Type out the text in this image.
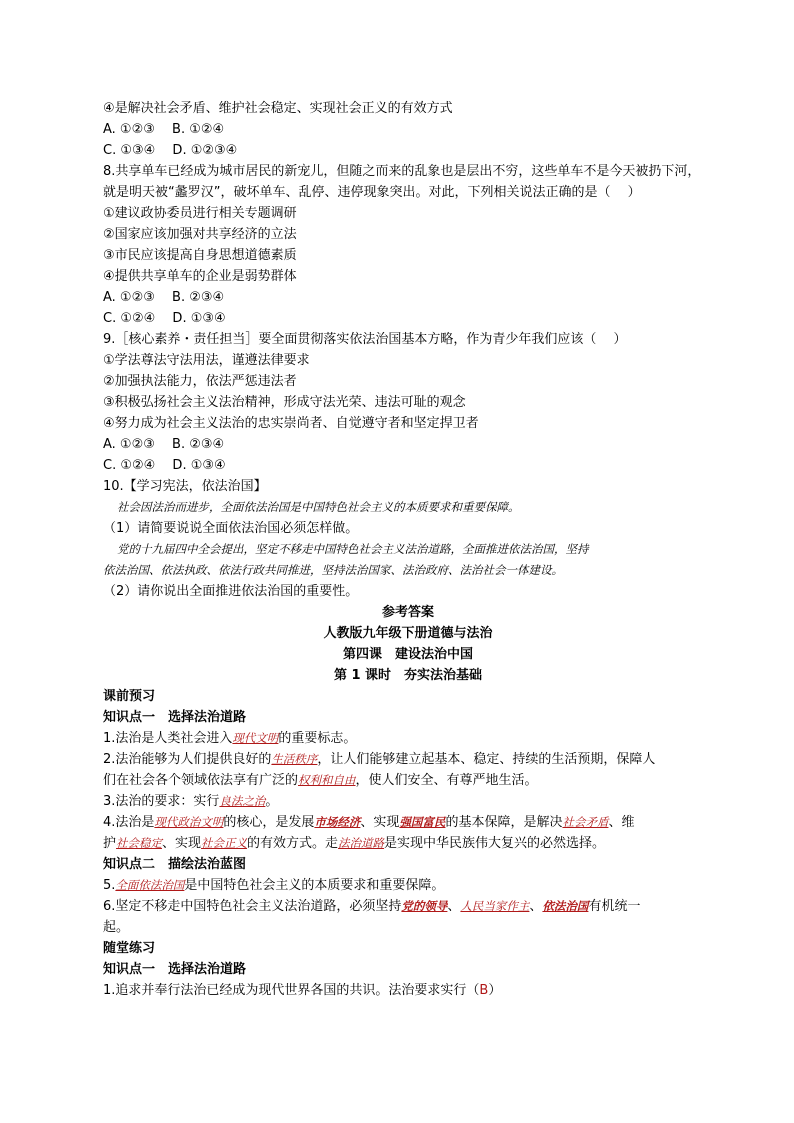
④是解决社会矛盾、维护社会稳定、实现社会正义的有效方式
A. ①②③　 B. ①②④
C. ①③④　 D. ①②③④
8.共享单车已经成为城市居民的新宠儿，但随之而来的乱象也是层出不穷，这些单车不是今天被扔下河，就是明天被“蠡罗汉”，破坏单车、乱停、违停现象突出。对此，下列相关说法正确的是（　 ）
①建议政协委员进行相关专题调研
②国家应该加强对共享经济的立法
③市民应该提高自身思想道德素质
④提供共享单车的企业是弱势群体
A. ①②③　 B. ②③④
C. ①②④　 D. ①③④
9.［核心素养・责任担当］要全面贯彻落实依法治国基本方略，作为青少年我们应该（　 ）
①学法尊法守法用法，谨遵法律要求
②加强执法能力，依法严惩违法者
③积极弘扬社会主义法治精神，形成守法光荣、违法可耻的观念
④努力成为社会主义法治的忠实崇尚者、自觉遵守者和坚定捍卫者
A. ①②③　 B. ②③④
C. ①②④　 D. ①③④
10.【学习宪法，依法治国】
社会因法治而进步，全面依法治国是中国特色社会主义的本质要求和重要保障。
（1）请简要说说全面依法治国必须怎样做。
党的十九届四中全会提出，坚定不移走中国特色社会主义法治道路，全面推进依法治国，坚持
依法治国、依法执政、依法行政共同推进，坚持法治国家、法治政府、法治社会一体建设。
（2）请你说出全面推进依法治国的重要性。
参考答案
人教版九年级下册道德与法治
第四课　建设法治中国
第 1 课时　夯实法治基础
课前预习
知识点一　选择法治道路
1.法治是人类社会进入现代文明的重要标志。
2.法治能够为人们提供良好的生活秩序，让人们能够建立起基本、稳定、持续的生活预期，保障人
们在社会各个领域依法享有广泛的权利和自由，使人们安全、有尊严地生活。
3.法治的要求：实行良法之治。
4.法治是现代政治文明的核心，是发展市场经济、实现强国富民的基本保障，是解决社会矛盾、维
护社会稳定、实现社会正义的有效方式。走法治道路是实现中华民族伟大复兴的必然选择。
知识点二　描绘法治蓝图
5.全面依法治国是中国特色社会主义的本质要求和重要保障。
6.坚定不移走中国特色社会主义法治道路，必须坚持党的领导、人民当家作主、依法治国有机统一
起。
随堂练习
知识点一　选择法治道路
1.追求并奉行法治已经成为现代世界各国的共识。法治要求实行（B）
